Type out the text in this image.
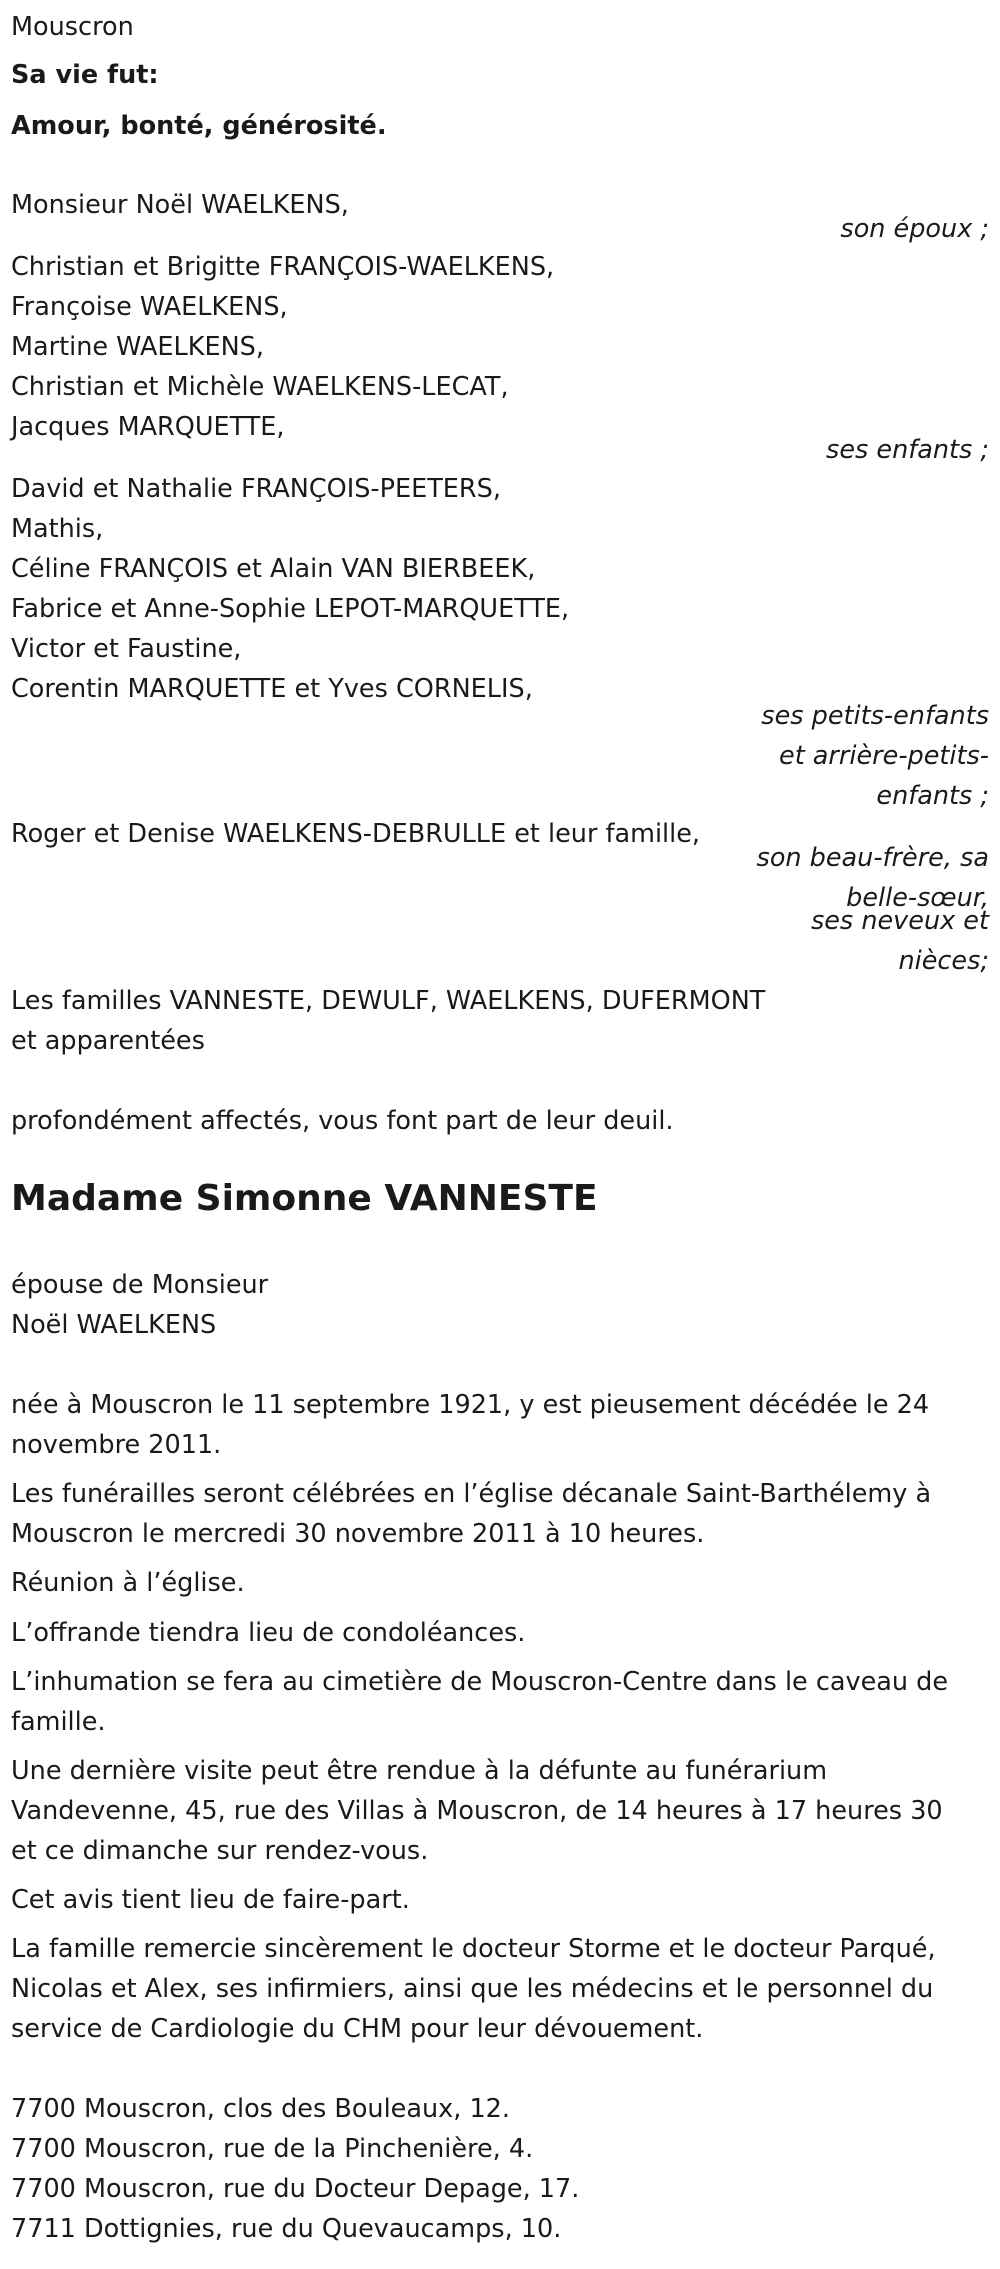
Mouscron
Sa vie fut:
Amour, bonté, générosité.
Monsieur Noël WAELKENS,
son époux ;
Christian et Brigitte FRANÇOIS-WAELKENS,
Françoise WAELKENS,
Martine WAELKENS,
Christian et Michèle WAELKENS-LECAT,
Jacques MARQUETTE,
ses enfants ;
David et Nathalie FRANÇOIS-PEETERS,
Mathis,
Céline FRANÇOIS et Alain VAN BIERBEEK,
Fabrice et Anne-Sophie LEPOT-MARQUETTE,
Victor et Faustine,
Corentin MARQUETTE et Yves CORNELIS,
ses petits-enfants
et arrière-petits-
enfants ;
Roger et Denise WAELKENS-DEBRULLE et leur famille,
son beau-frère, sa
belle-sœur,
ses neveux et
nièces;
Les familles VANNESTE, DEWULF, WAELKENS, DUFERMONT
et apparentées
profondément affectés, vous font part de leur deuil.
Madame Simonne VANNESTE
épouse de Monsieur
Noël WAELKENS
née à Mouscron le 11 septembre 1921, y est pieusement décédée le 24
novembre 2011.
Les funérailles seront célébrées en l’église décanale Saint-Barthélemy à
Mouscron le mercredi 30 novembre 2011 à 10 heures.
Réunion à l’église.
L’offrande tiendra lieu de condoléances.
L’inhumation se fera au cimetière de Mouscron-Centre dans le caveau de
famille.
Une dernière visite peut être rendue à la défunte au funérarium
Vandevenne, 45, rue des Villas à Mouscron, de 14 heures à 17 heures 30
et ce dimanche sur rendez-vous.
Cet avis tient lieu de faire-part.
La famille remercie sincèrement le docteur Storme et le docteur Parqué,
Nicolas et Alex, ses infirmiers, ainsi que les médecins et le personnel du
service de Cardiologie du CHM pour leur dévouement.
7700 Mouscron, clos des Bouleaux, 12.
7700 Mouscron, rue de la Pinchenière, 4.
7700 Mouscron, rue du Docteur Depage, 17.
7711 Dottignies, rue du Quevaucamps, 10.
